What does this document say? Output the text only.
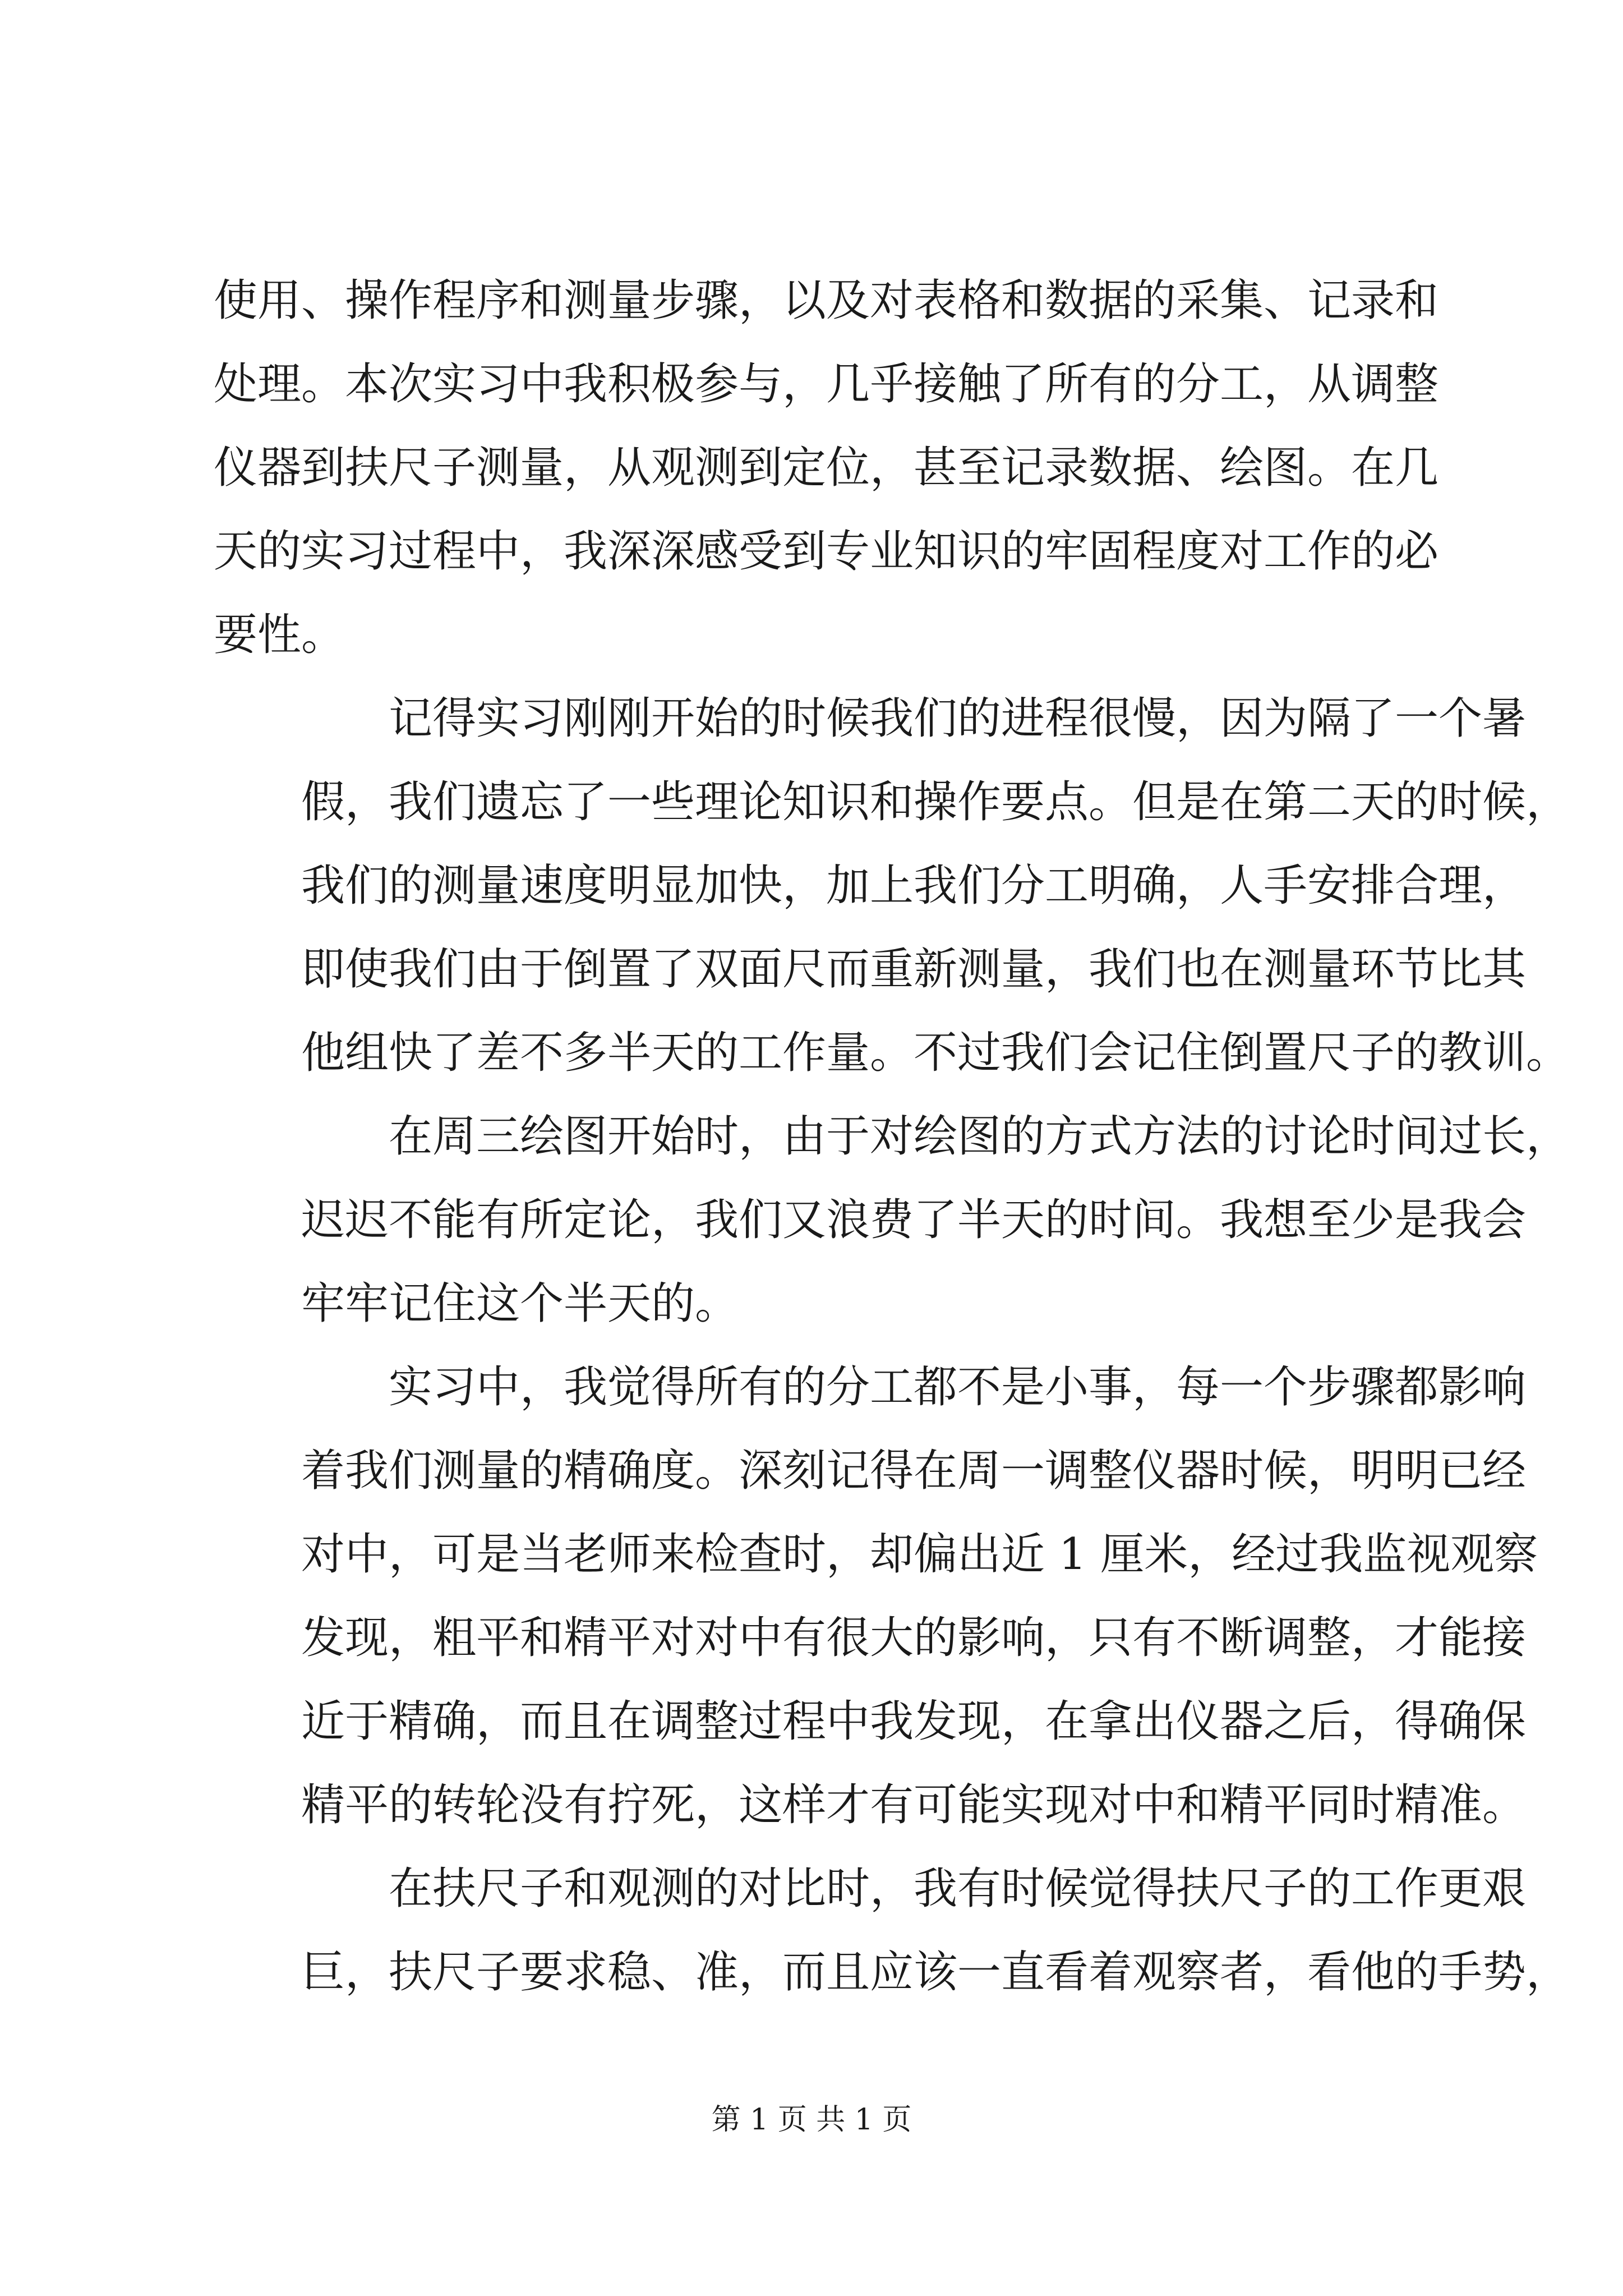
使用、操作程序和测量步骤，以及对表格和数据的采集、记录和
处理。本次实习中我积极参与，几乎接触了所有的分工，从调整
仪器到扶尺子测量，从观测到定位，甚至记录数据、绘图。在几
天的实习过程中，我深深感受到专业知识的牢固程度对工作的必
要性。
记得实习刚刚开始的时候我们的进程很慢，因为隔了一个暑
假，我们遗忘了一些理论知识和操作要点。但是在第二天的时候，
我们的测量速度明显加快，加上我们分工明确，人手安排合理，
即使我们由于倒置了双面尺而重新测量，我们也在测量环节比其
他组快了差不多半天的工作量。不过我们会记住倒置尺子的教训。
在周三绘图开始时，由于对绘图的方式方法的讨论时间过长，
迟迟不能有所定论，我们又浪费了半天的时间。我想至少是我会
牢牢记住这个半天的。
实习中，我觉得所有的分工都不是小事，每一个步骤都影响
着我们测量的精确度。深刻记得在周一调整仪器时候，明明已经
对中，可是当老师来检查时，却偏出近 1 厘米，经过我监视观察
发现，粗平和精平对对中有很大的影响，只有不断调整，才能接
近于精确，而且在调整过程中我发现，在拿出仪器之后，得确保
精平的转轮没有拧死，这样才有可能实现对中和精平同时精准。
在扶尺子和观测的对比时，我有时候觉得扶尺子的工作更艰
巨，扶尺子要求稳、准，而且应该一直看着观察者，看他的手势，
第 1 页 共 1 页
